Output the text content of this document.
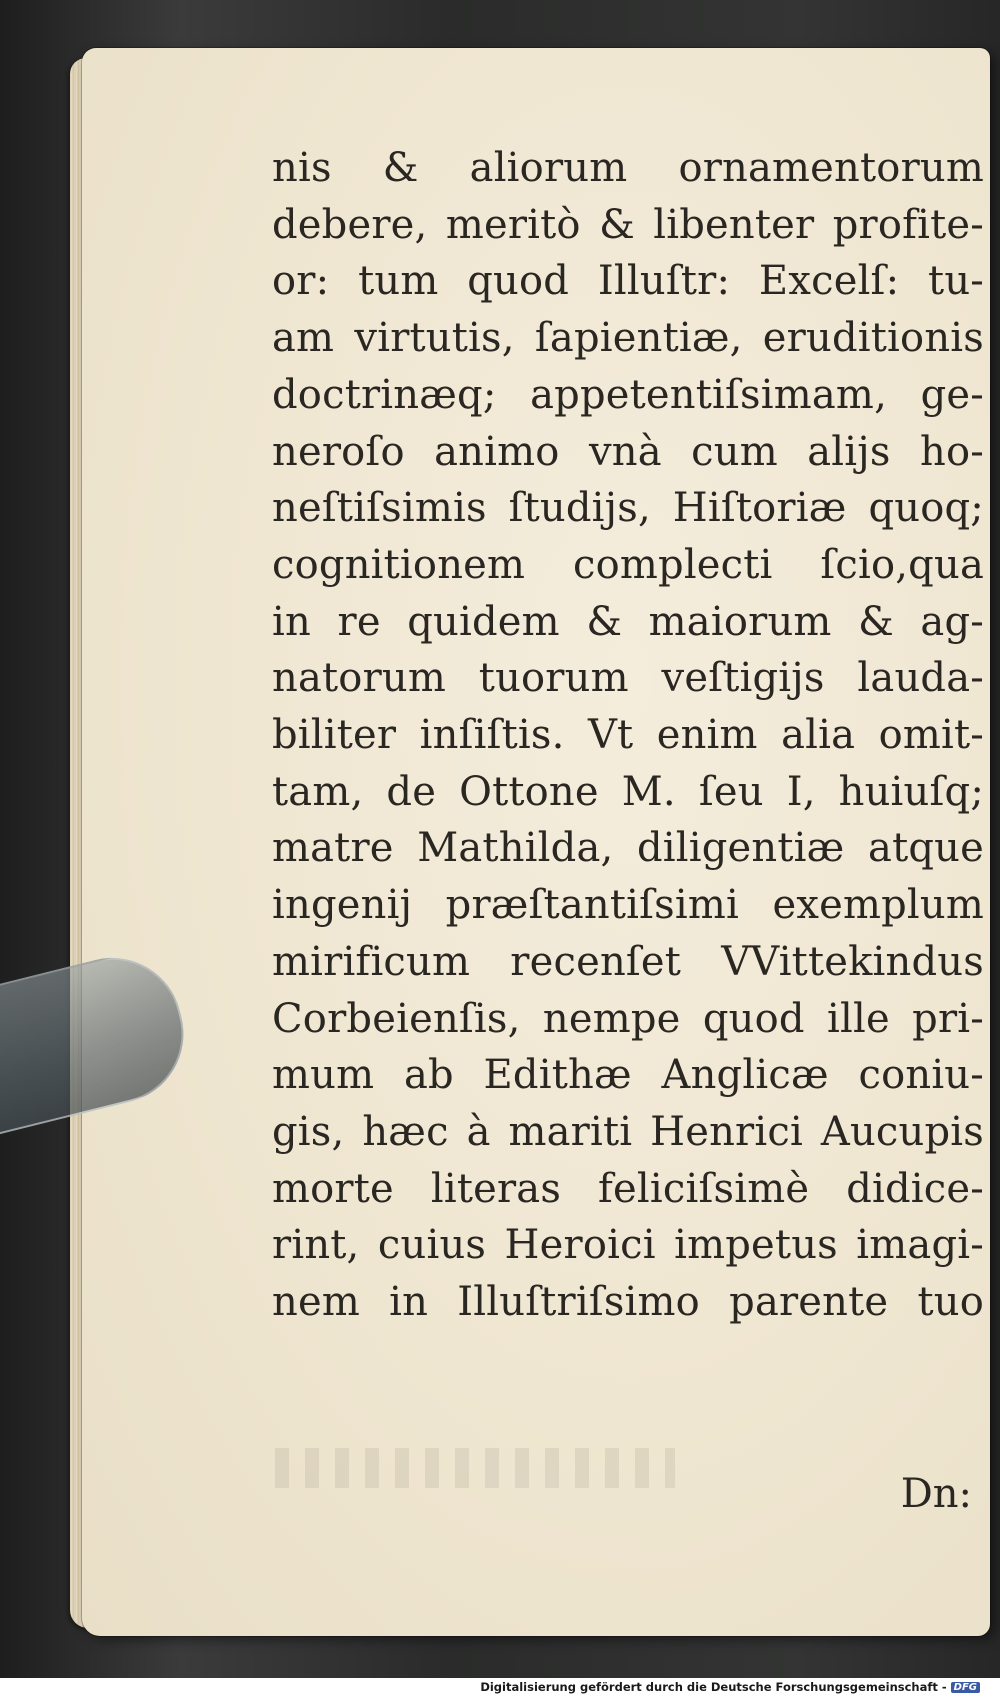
nis & aliorum ornamentorum
debere, meritò & libenter profite-
or: tum quod Illuſtr: Excelſ: tu-
am virtutis, ſapientiæ, eruditionis
doctrinæq; appetentiſsimam, ge-
neroſo animo vnà cum alijs ho-
neſtiſsimis ſtudijs, Hiſtoriæ quoq;
cognitionem complecti ſcio,qua
in re quidem & maiorum & ag-
natorum tuorum veſtigijs lauda-
biliter inſiſtis. Vt enim alia omit-
tam, de Ottone M. ſeu I, huiuſq;
matre Mathilda, diligentiæ atque
ingenij præſtantiſsimi exemplum
mirificum recenſet VVittekindus
Corbeienſis, nempe quod ille pri-
mum ab Edithæ Anglicæ coniu-
gis, hæc à mariti Henrici Aucupis
morte literas feliciſsimè didice-
rint, cuius Heroici impetus imagi-
nem in Illuſtriſsimo parente tuo
Dn:
Digitalisierung gefördert durch die Deutsche Forschungsgemeinschaft - DFG
